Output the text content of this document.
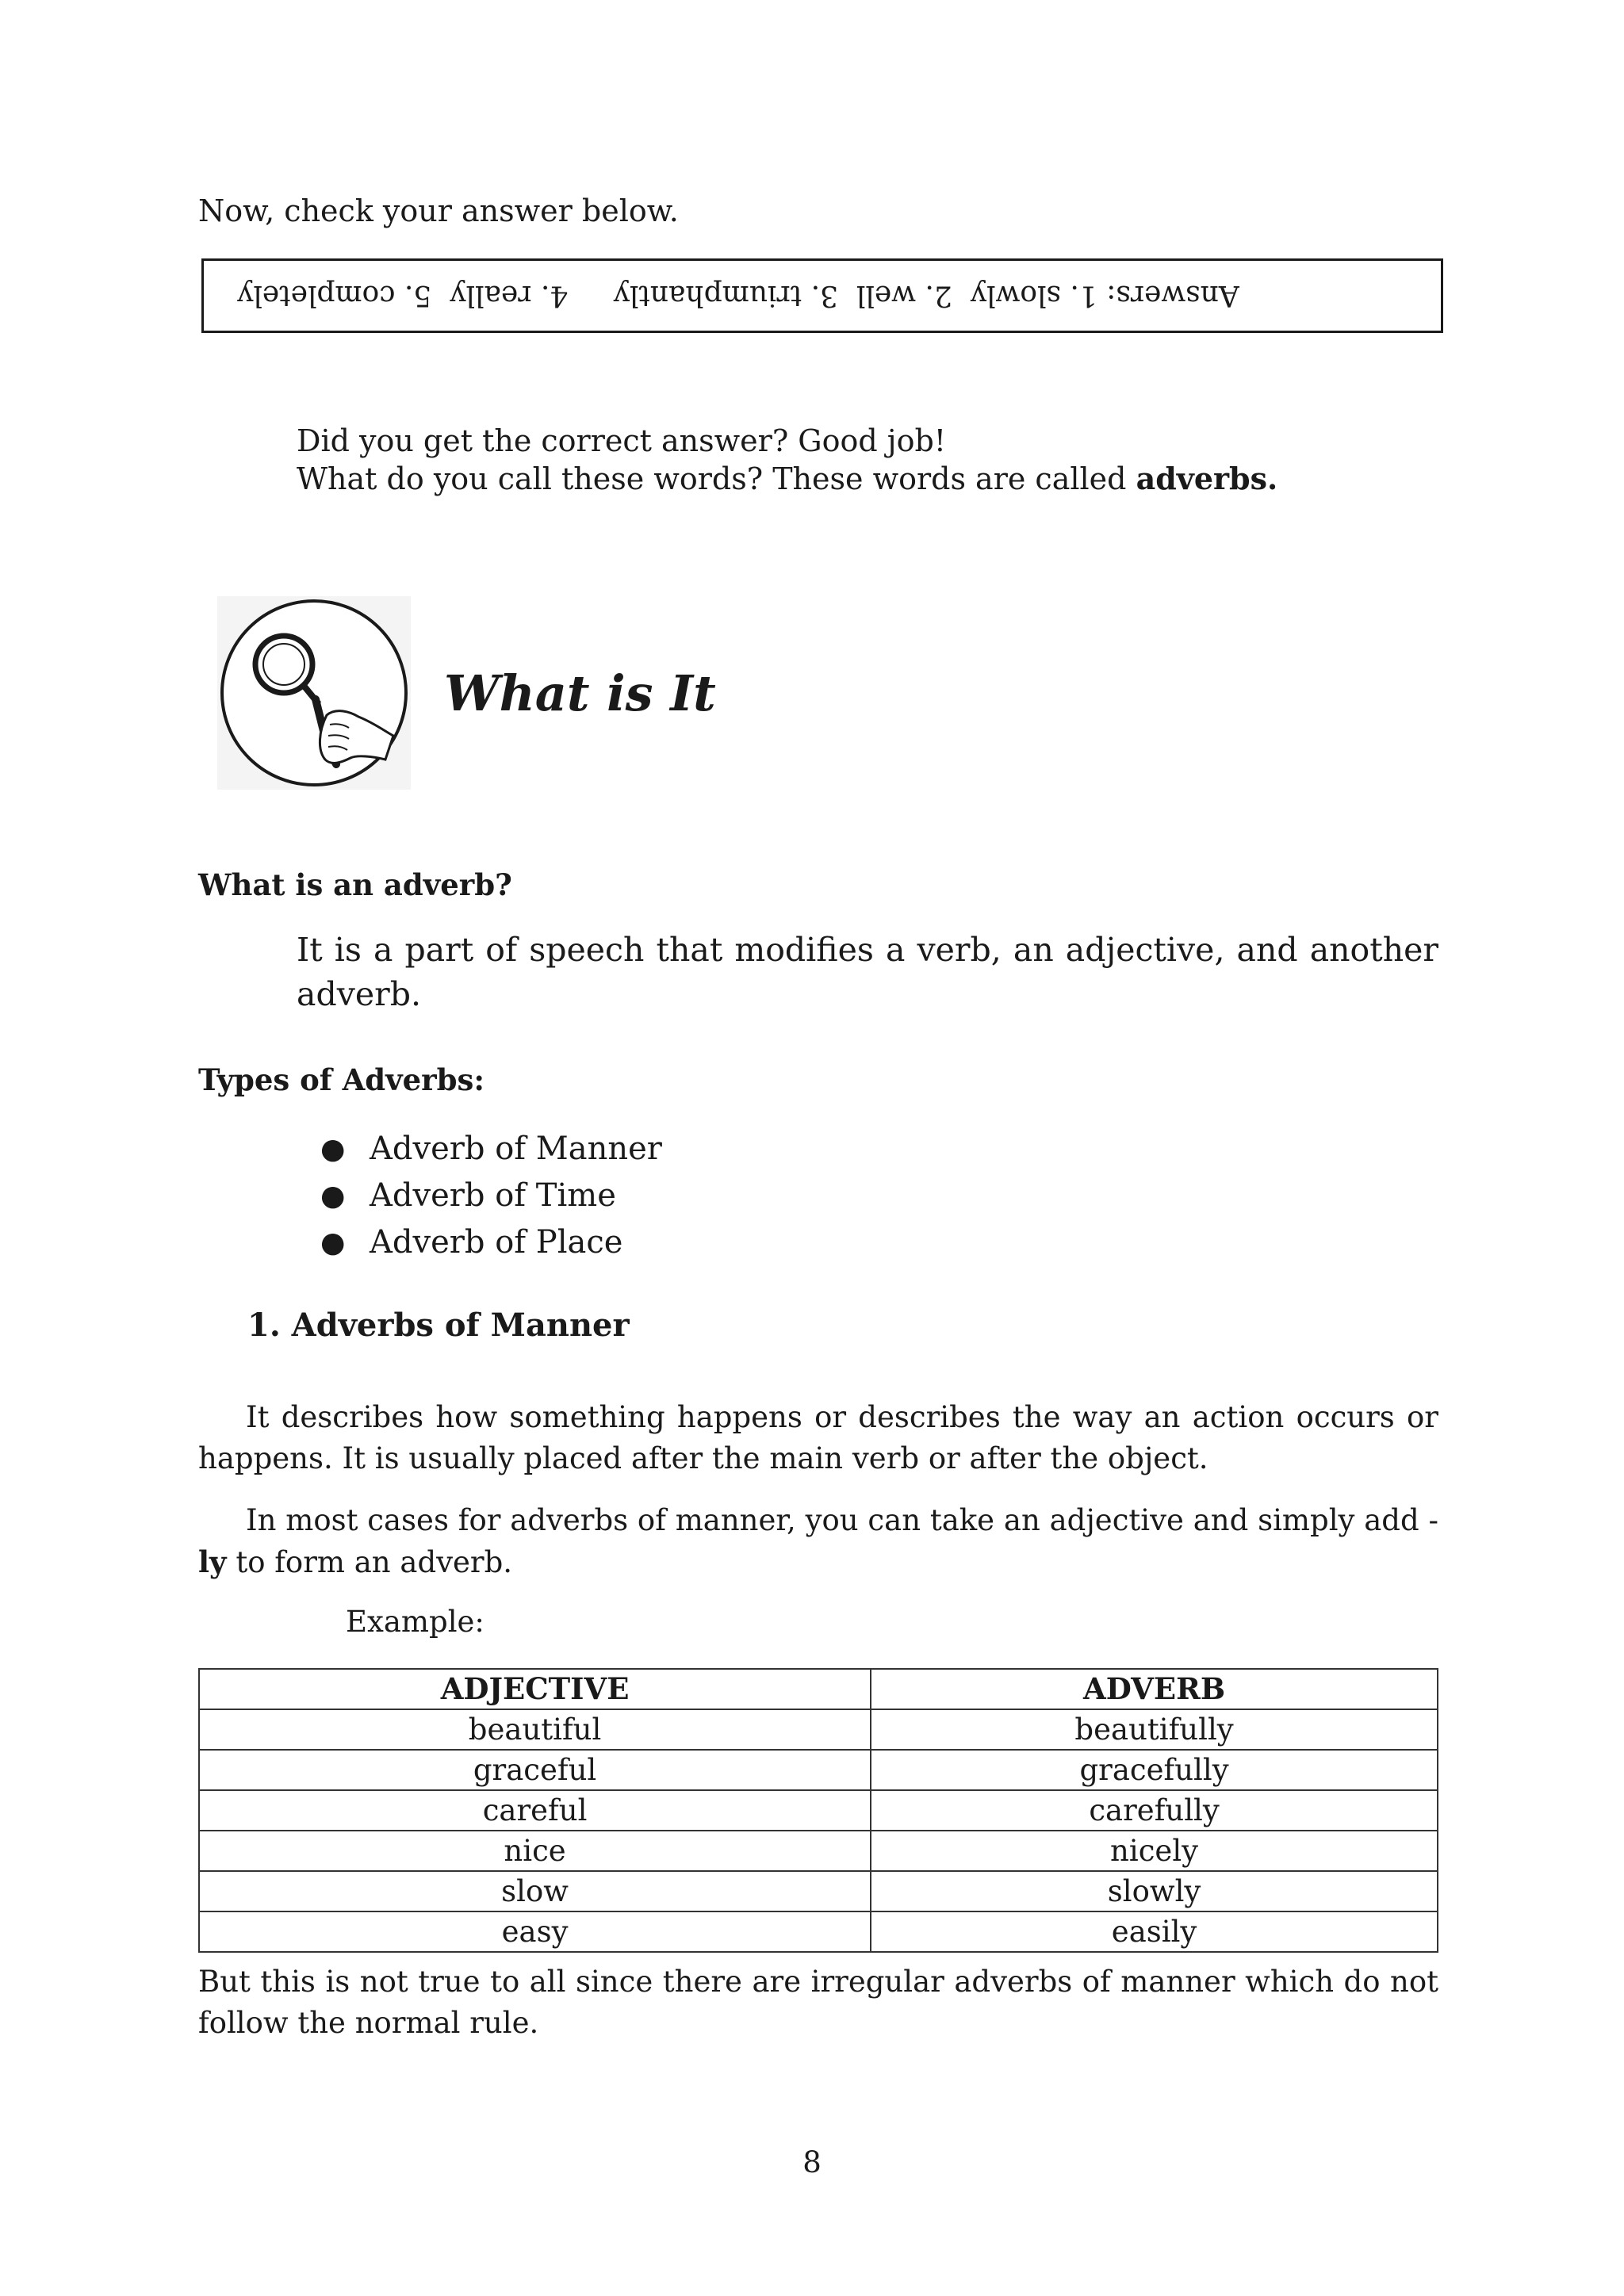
Now, check your answer below.
Answers: 1. slowly  2. well  3. triumphantly     4. really  5. completely
Did you get the correct answer? Good job!
What do you call these words? These words are called adverbs.
What is It
What is an adverb?
It is a part of speech that modifies a verb, an adjective, and another adverb.
Types of Adverbs:
● Adverb of Manner
● Adverb of Time
● Adverb of Place
1. Adverbs of Manner
It describes how something happens or describes the way an action occurs or happens. It is usually placed after the main verb or after the object.
In most cases for adverbs of manner, you can take an adjective and simply add -ly to form an adverb.
Example:
ADJECTIVE	ADVERB
beautiful	beautifully
graceful	gracefully
careful	carefully
nice	nicely
slow	slowly
easy	easily
But this is not true to all since there are irregular adverbs of manner which do not follow the normal rule.
8
